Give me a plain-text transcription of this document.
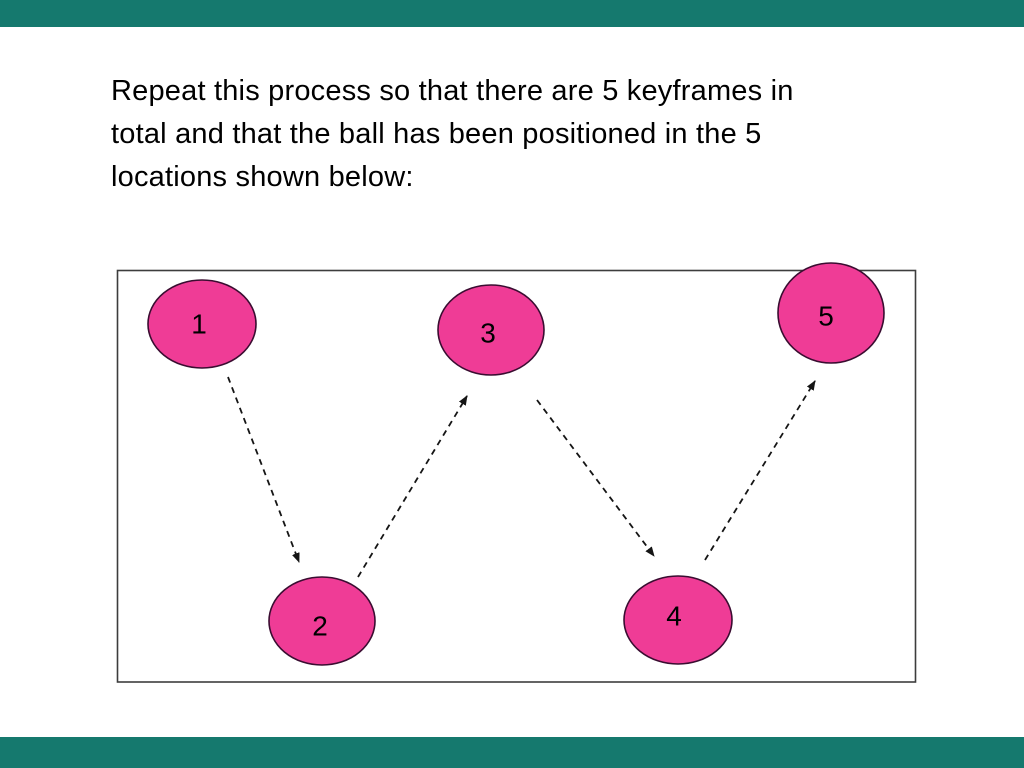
Repeat this process so that there are 5 keyframes in
total and that the ball has been positioned in the 5
locations shown below:
1
2
3
4
5
